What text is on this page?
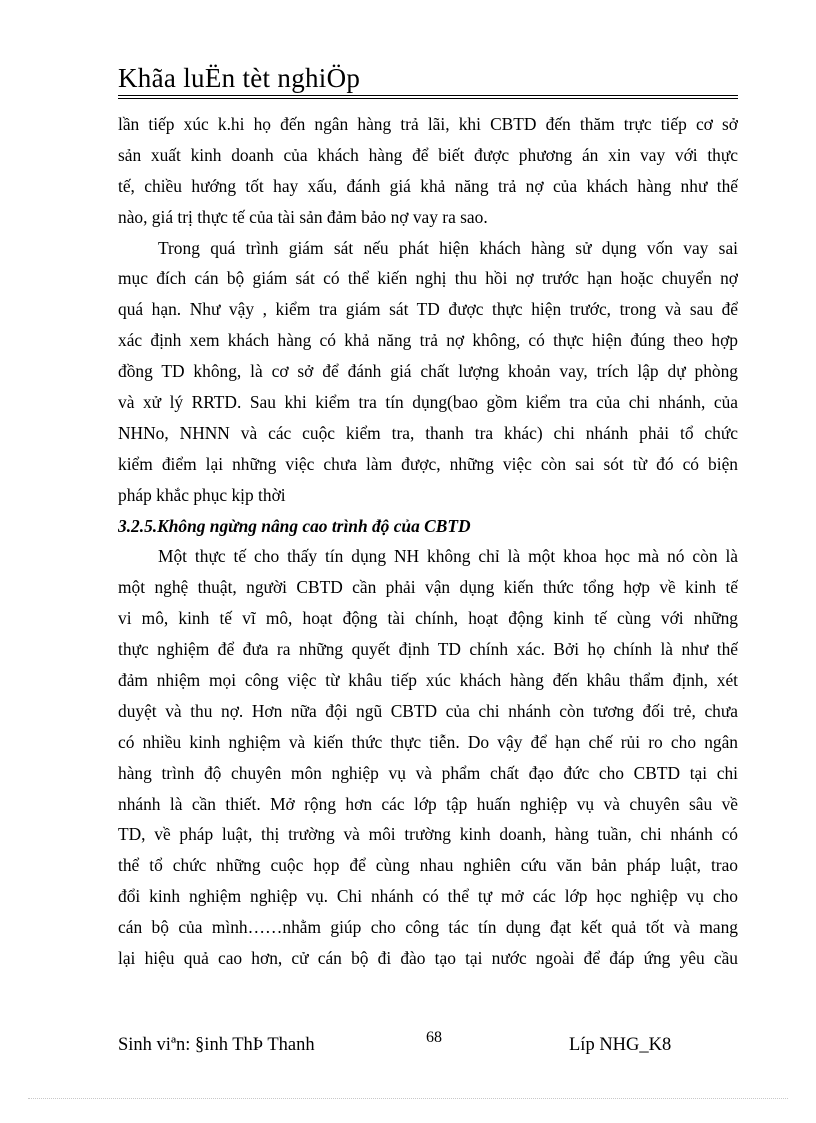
Khãa luËn tèt nghiÖp
lần tiếp xúc k.hi họ đến ngân hàng trả lãi, khi CBTD đến thăm trực tiếp cơ sở
sản xuất kinh doanh của khách hàng để biết được phương án xin vay với thực
tế, chiều hướng tốt hay xấu, đánh giá khả năng trả nợ của khách hàng như thế
nào, giá trị thực tế của tài sản đảm bảo nợ vay ra sao.
Trong quá trình giám sát nếu phát hiện khách hàng sử dụng vốn vay sai
mục đích cán bộ giám sát có thể kiến nghị thu hồi nợ trước hạn hoặc chuyển nợ
quá hạn. Như vậy , kiểm tra giám sát TD được thực hiện trước, trong và sau để
xác định xem khách hàng có khả năng trả nợ không, có thực hiện đúng theo hợp
đồng TD không, là cơ sở để đánh giá chất lượng khoản vay, trích lập dự phòng
và xử lý RRTD. Sau khi kiểm tra tín dụng(bao gồm kiểm tra của chi nhánh, của
NHNo, NHNN và các cuộc kiểm tra, thanh tra khác) chi nhánh phải tổ chức
kiểm điểm lại những việc chưa làm được, những việc còn sai sót từ đó có biện
pháp khắc phục kịp thời
3.2.5.Không ngừng nâng cao trình độ của CBTD
Một thực tế cho thấy tín dụng NH không chỉ là một khoa học mà nó còn là
một nghệ thuật, người CBTD cần phải vận dụng kiến thức tổng hợp về kinh tế
vi mô, kinh tế vĩ mô, hoạt động tài chính, hoạt động kinh tế cùng với những
thực nghiệm để đưa ra những quyết định TD chính xác. Bởi họ chính là như thế
đảm nhiệm mọi công việc từ khâu tiếp xúc khách hàng đến khâu thẩm định, xét
duyệt và thu nợ. Hơn nữa đội ngũ CBTD của chi nhánh còn tương đối trẻ, chưa
có nhiều kinh nghiệm và kiến thức thực tiễn. Do vậy để hạn chế rủi ro cho ngân
hàng trình độ chuyên môn nghiệp vụ và phẩm chất đạo đức cho CBTD tại chi
nhánh là cần thiết. Mở rộng hơn các lớp tập huấn nghiệp vụ và chuyên sâu về
TD, về pháp luật, thị trường và môi trường kinh doanh, hàng tuần, chi nhánh có
thể tổ chức những cuộc họp để cùng nhau nghiên cứu văn bản pháp luật, trao
đổi kinh nghiệm nghiệp vụ. Chi nhánh có thể tự mở các lớp học nghiệp vụ cho
cán bộ của mình……nhằm giúp cho công tác tín dụng đạt kết quả tốt và mang
lại hiệu quả cao hơn, cử cán bộ đi đào tạo tại nước ngoài để đáp ứng yêu cầu
Sinh viªn: §inh ThÞ Thanh	68	Líp NHG_K8
